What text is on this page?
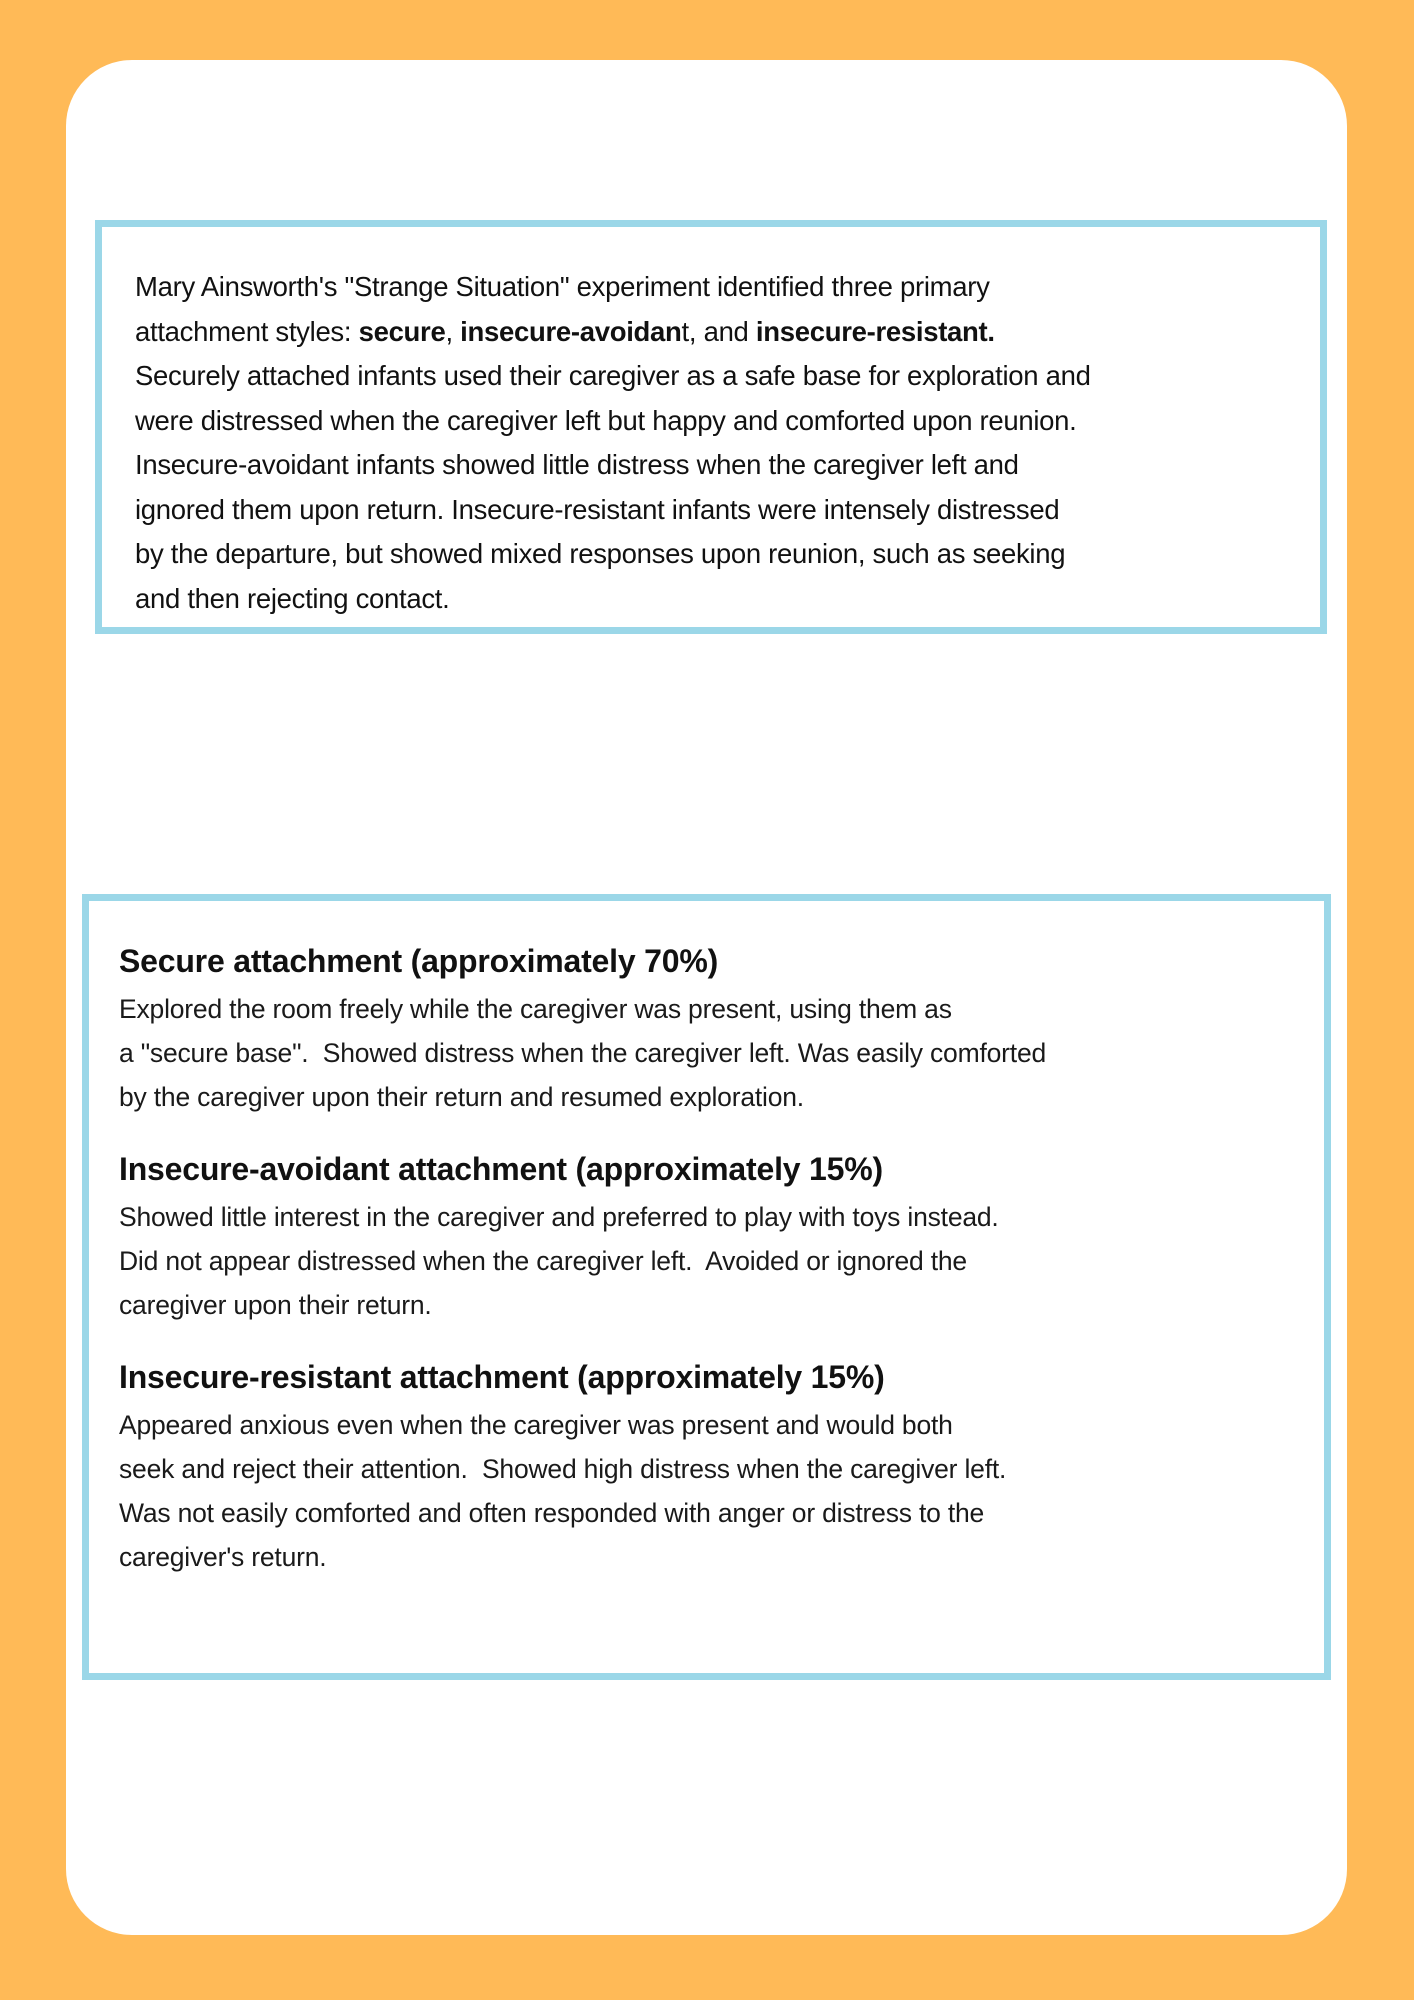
Mary Ainsworth's "Strange Situation" experiment identified three primary
attachment styles: secure, insecure-avoidant, and insecure-resistant.
Securely attached infants used their caregiver as a safe base for exploration and
were distressed when the caregiver left but happy and comforted upon reunion.
Insecure-avoidant infants showed little distress when the caregiver left and
ignored them upon return. Insecure-resistant infants were intensely distressed
by the departure, but showed mixed responses upon reunion, such as seeking
and then rejecting contact.
Secure attachment (approximately 70%)
Explored the room freely while the caregiver was present, using them as
a "secure base".  Showed distress when the caregiver left. Was easily comforted
by the caregiver upon their return and resumed exploration.
Insecure-avoidant attachment (approximately 15%)
Showed little interest in the caregiver and preferred to play with toys instead.
Did not appear distressed when the caregiver left.  Avoided or ignored the
caregiver upon their return.
Insecure-resistant attachment (approximately 15%)
Appeared anxious even when the caregiver was present and would both
seek and reject their attention.  Showed high distress when the caregiver left.
Was not easily comforted and often responded with anger or distress to the
caregiver's return.
